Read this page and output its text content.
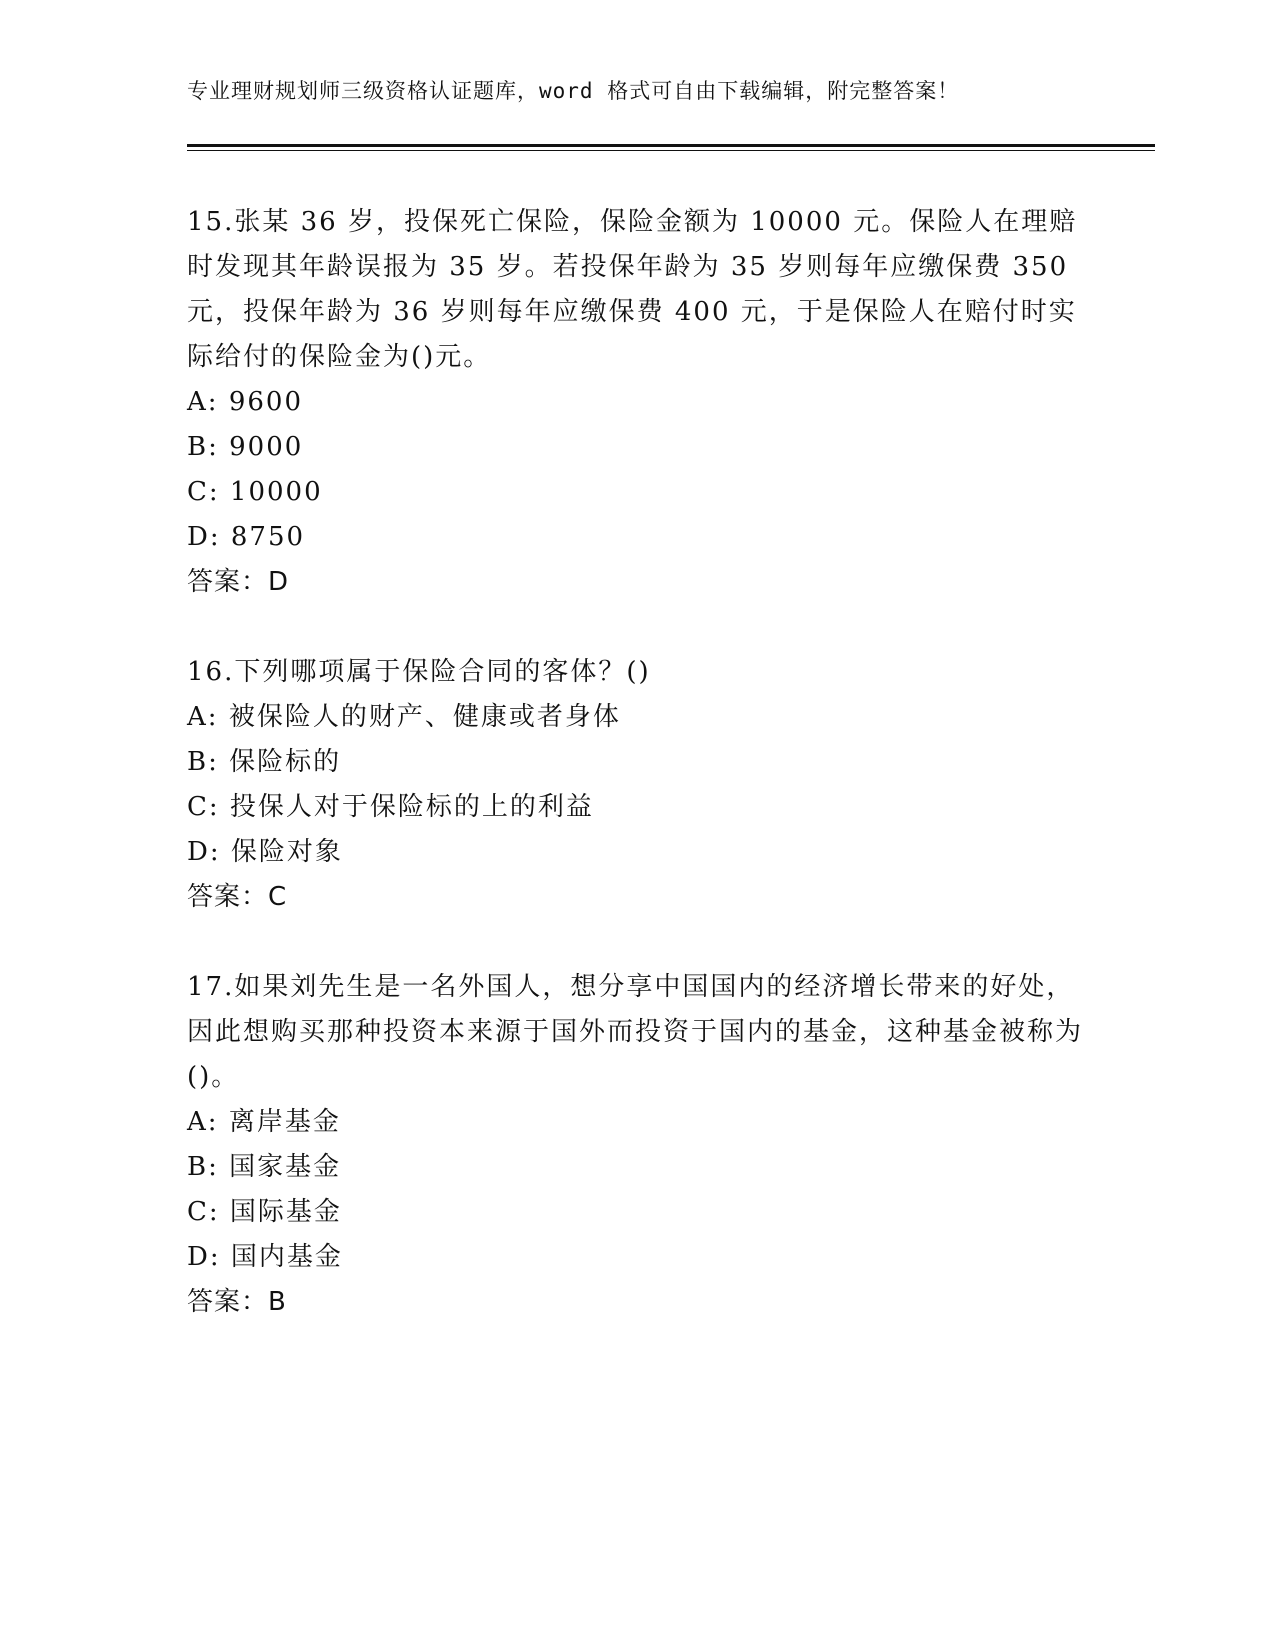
专业理财规划师三级资格认证题库，word 格式可自由下载编辑，附完整答案！

15.张某 36 岁，投保死亡保险，保险金额为 10000 元。保险人在理赔时发现其年龄误报为 35 岁。若投保年龄为 35 岁则每年应缴保费 350 元，投保年龄为 36 岁则每年应缴保费 400 元，于是保险人在赔付时实际给付的保险金为()元。

A: 9600

B: 9000

C: 10000

D: 8750

答案：D

16.下列哪项属于保险合同的客体？()

A: 被保险人的财产、健康或者身体

B: 保险标的

C: 投保人对于保险标的上的利益

D: 保险对象

答案：C

17.如果刘先生是一名外国人，想分享中国国内的经济增长带来的好处，因此想购买那种投资本来源于国外而投资于国内的基金，这种基金被称为()。

A: 离岸基金

B: 国家基金

C: 国际基金

D: 国内基金

答案：B
